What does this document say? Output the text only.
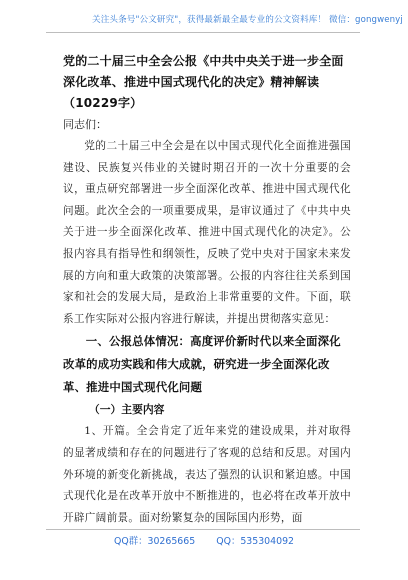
关注头条号"公文研究"，获得最新最全最专业的公文资料库！ 微信：gongwenyj
党的二十届三中全会公报《中共中央关于进一步全面深化改革、推进中国式现代化的决定》精神解读（10229字）

同志们：

党的二十届三中全会是在以中国式现代化全面推进强国建设、民族复兴伟业的关键时期召开的一次十分重要的会议，重点研究部署进一步全面深化改革、推进中国式现代化问题。此次全会的一项重要成果，是审议通过了《中共中央关于进一步全面深化改革、推进中国式现代化的决定》。公报内容具有指导性和纲领性，反映了党中央对于国家未来发展的方向和重大政策的决策部署。公报的内容往往关系到国家和社会的发展大局，是政治上非常重要的文件。下面，联系工作实际对公报内容进行解读，并提出贯彻落实意见：

一、公报总体情况：高度评价新时代以来全面深化改革的成功实践和伟大成就，研究进一步全面深化改革、推进中国式现代化问题
（一）主要内容

1、开篇。全会肯定了近年来党的建设成果，并对取得的显著成绩和存在的问题进行了客观的总结和反思。对国内外环境的新变化新挑战，表达了强烈的认识和紧迫感。中国式现代化是在改革开放中不断推进的，也必将在改革开放中开辟广阔前景。面对纷繁复杂的国际国内形势，面

QQ群：30265665 QQ：535304092
